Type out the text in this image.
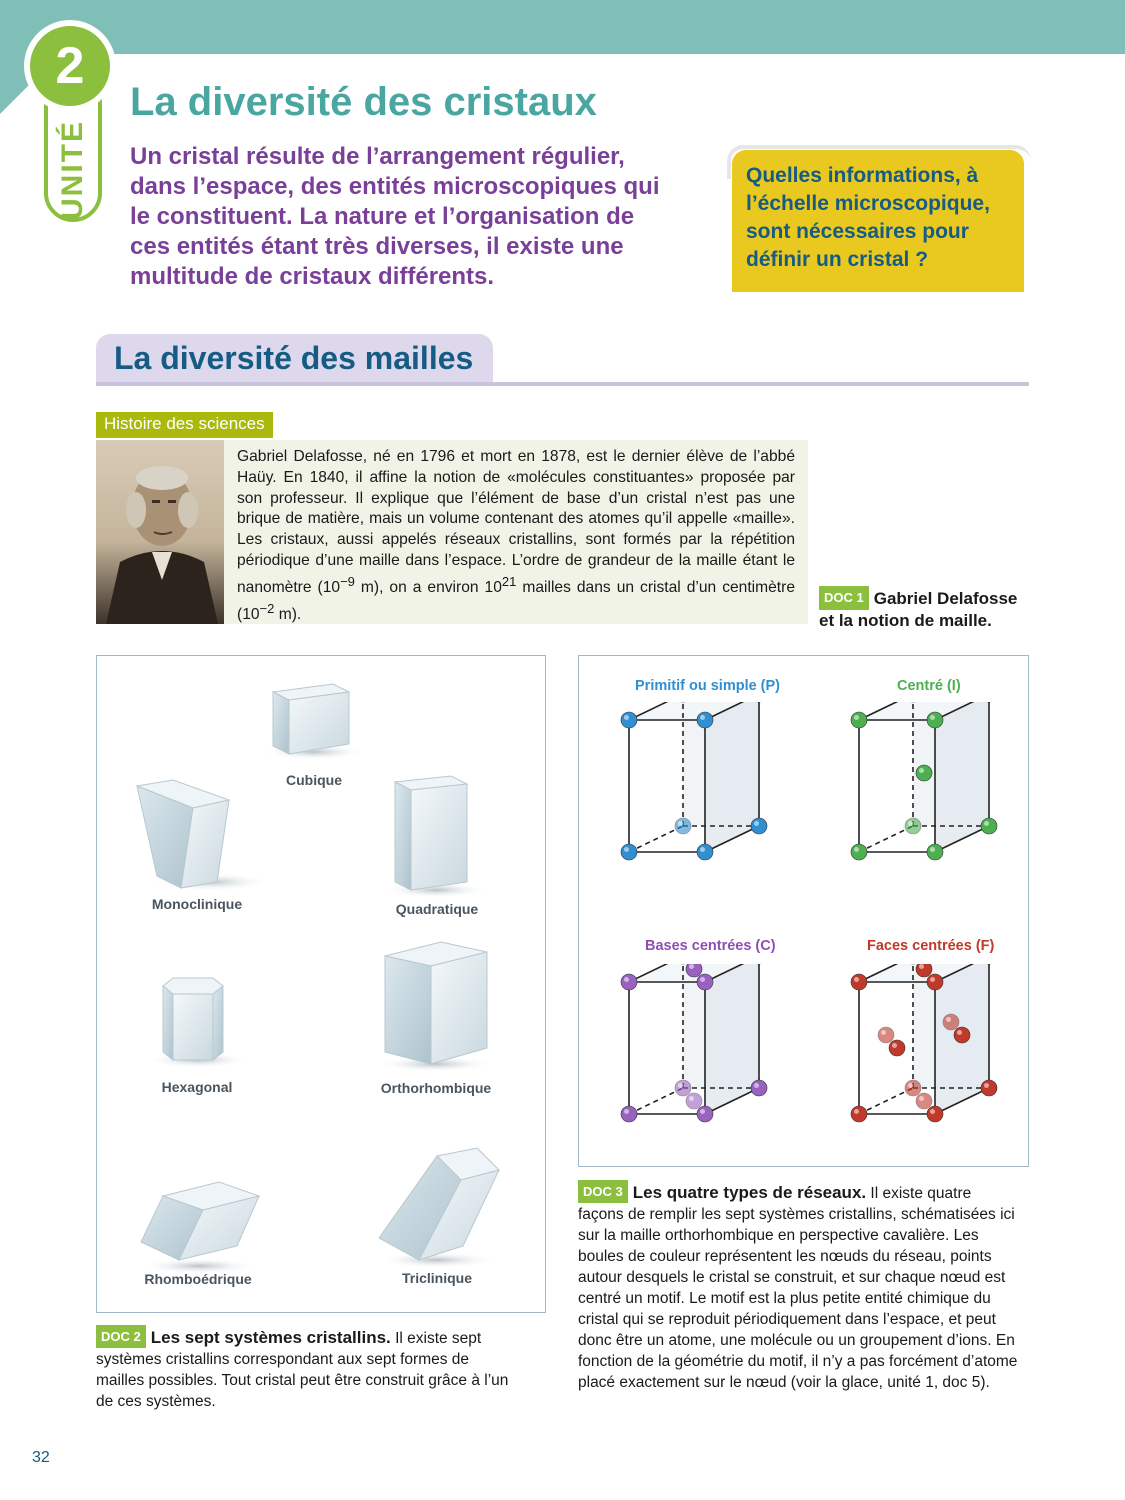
2
UNITÉ
La diversité des cristaux

Un cristal résulte de l’arrangement régulier, dans l’espace, des entités microscopiques qui le constituent. La nature et l’organisation de ces entités étant très diverses, il existe une multitude de cristaux différents.

Quelles informations, à l’échelle microscopique, sont nécessaires pour définir un cristal ?
La diversité des mailles
Histoire des sciences

Gabriel Delafosse, né en 1796 et mort en 1878, est le dernier élève de l’abbé Haüy. En 1840, il affine la notion de «molécules constituantes» proposée par son professeur. Il explique que l’élément de base d’un cristal n’est pas une brique de matière, mais un volume contenant des atomes qu’il appelle «maille». Les cristaux, aussi appelés réseaux cristallins, sont formés par la répétition périodique d’une maille dans l’espace. L’ordre de grandeur de la maille étant le nanomètre ($10^{-9}$ m), on a environ $10^{21}$ mailles dans un cristal d’un centimètre ($10^{-2}$ m).

DOC 1 Gabriel Delafosse et la notion de maille.
Cubique
Monoclinique	Quadratique
Hexagonal	Orthorhombique
Rhomboédrique	Triclinique

DOC 2 Les sept systèmes cristallins. Il existe sept systèmes cristallins correspondant aux sept formes de mailles possibles. Tout cristal peut être construit grâce à l’un de ces systèmes.

Primitif ou simple (P)	Centré (I)
Bases centrées (C)	Faces centrées (F)

DOC 3 Les quatre types de réseaux. Il existe quatre façons de remplir les sept systèmes cristallins, schématisées ici sur la maille orthorhombique en perspective cavalière. Les boules de couleur représentent les nœuds du réseau, points autour desquels le cristal se construit, et sur chaque nœud est centré un motif. Le motif est la plus petite entité chimique du cristal qui se reproduit périodiquement dans l’espace, et peut donc être un atome, une molécule ou un groupement d’ions. En fonction de la géométrie du motif, il n’y a pas forcément d’atome placé exactement sur le nœud (voir la glace, unité 1, doc 5).

32
